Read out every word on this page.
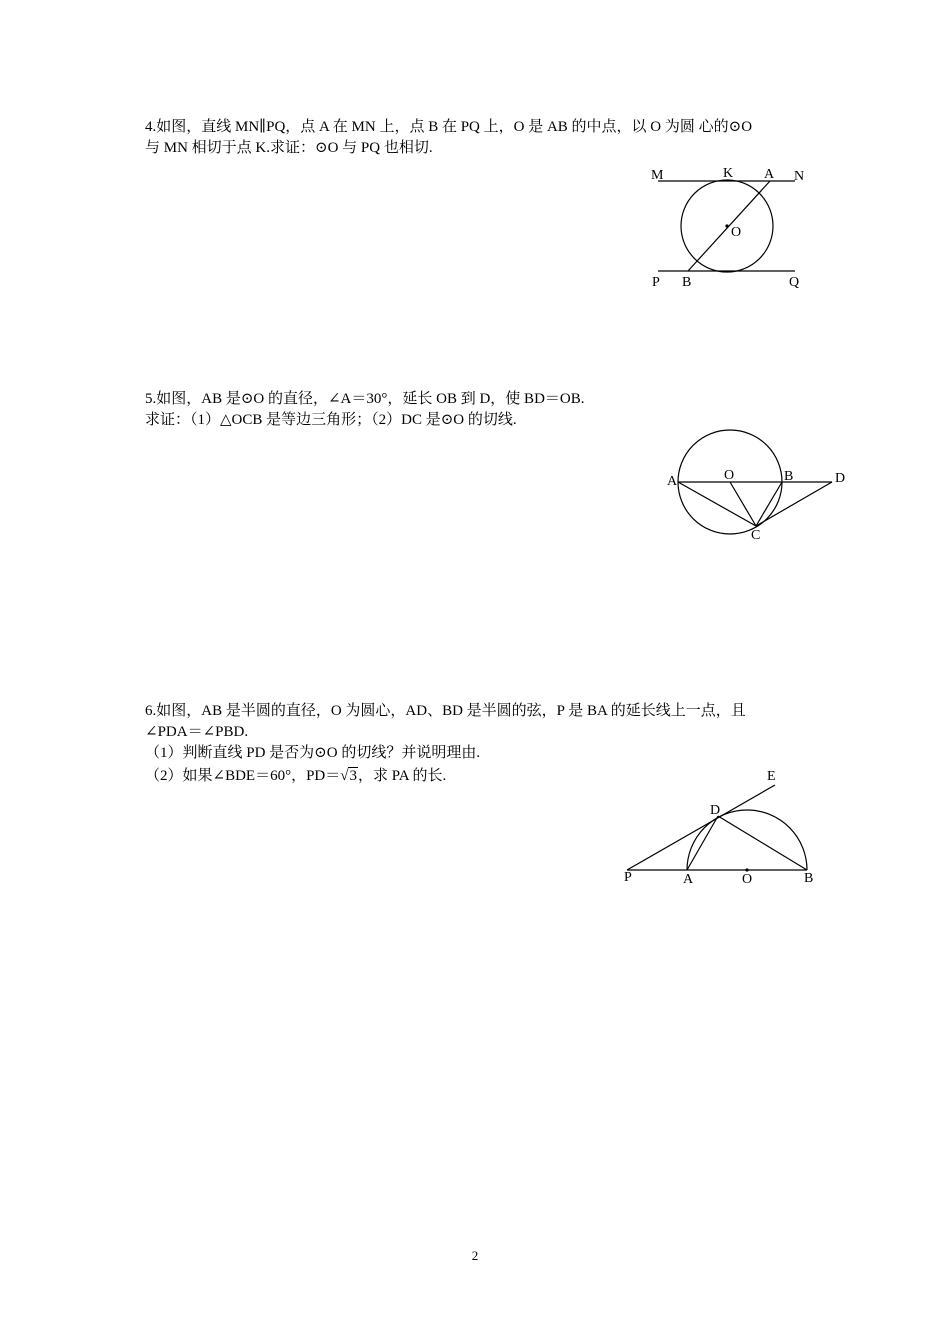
4.如图，直线 MN∥PQ，点 A 在 MN 上，点 B 在 PQ 上，O 是 AB 的中点，以 O 为圆 心的⊙O
与 MN 相切于点 K.求证：⊙O 与 PQ 也相切.
M	K A N
O
P B	Q
5.如图，AB 是⊙O 的直径，∠A＝30°，延长 OB 到 D，使 BD＝OB.
求证：（1）△OCB 是等边三角形；（2）DC 是⊙O 的切线.
A	O	B	D
C
6.如图，AB 是半圆的直径，O 为圆心，AD、BD 是半圆的弦，P 是 BA 的延长线上一点，且
∠PDA＝∠PBD.
（1）判断直线 PD 是否为⊙O 的切线？并说明理由.
（2）如果∠BDE＝60°，PD＝√3，求 PA 的长.	E
D
P	A	O	B
2
